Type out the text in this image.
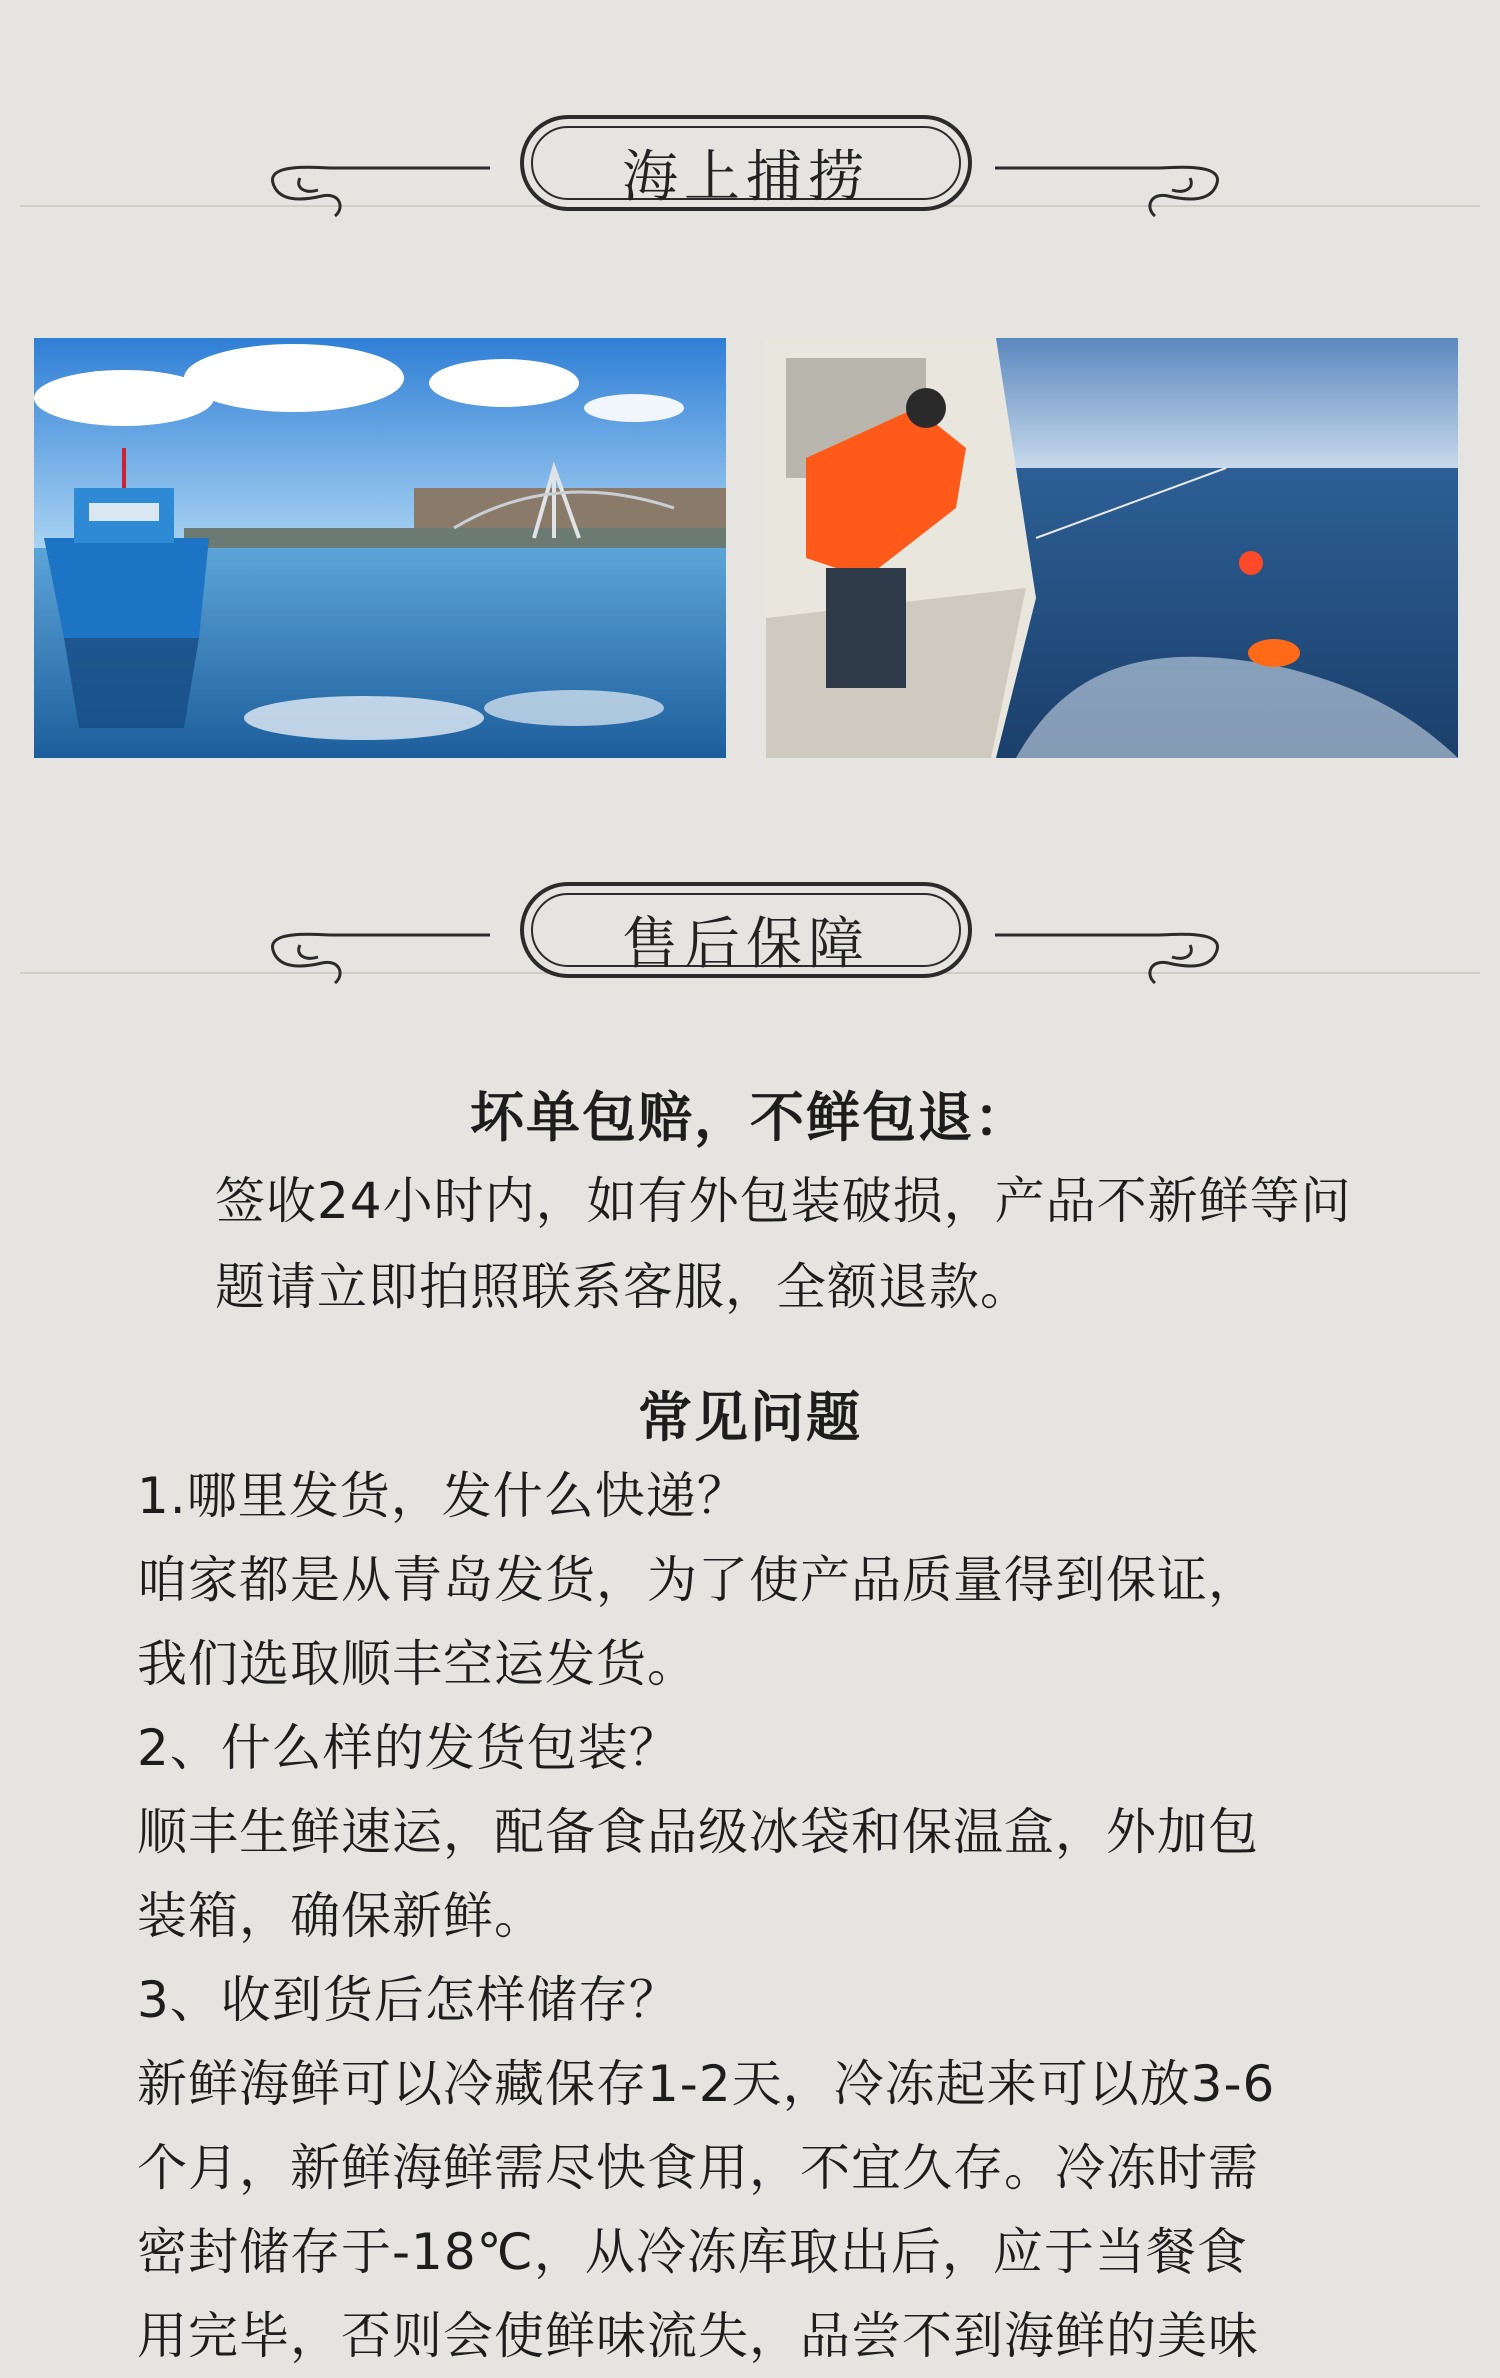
海上捕捞
售后保障
坏单包赔，不鲜包退：
签收24小时内，如有外包装破损，产品不新鲜等问
题请立即拍照联系客服，全额退款。
常见问题
1.哪里发货，发什么快递？
咱家都是从青岛发货，为了使产品质量得到保证，
我们选取顺丰空运发货。
2、什么样的发货包装？
顺丰生鲜速运，配备食品级冰袋和保温盒，外加包
装箱，确保新鲜。
3、收到货后怎样储存？
新鲜海鲜可以冷藏保存1-2天，冷冻起来可以放3-6
个月，新鲜海鲜需尽快食用，不宜久存。冷冻时需
密封储存于-18℃，从冷冻库取出后，应于当餐食
用完毕，否则会使鲜味流失，品尝不到海鲜的美味
